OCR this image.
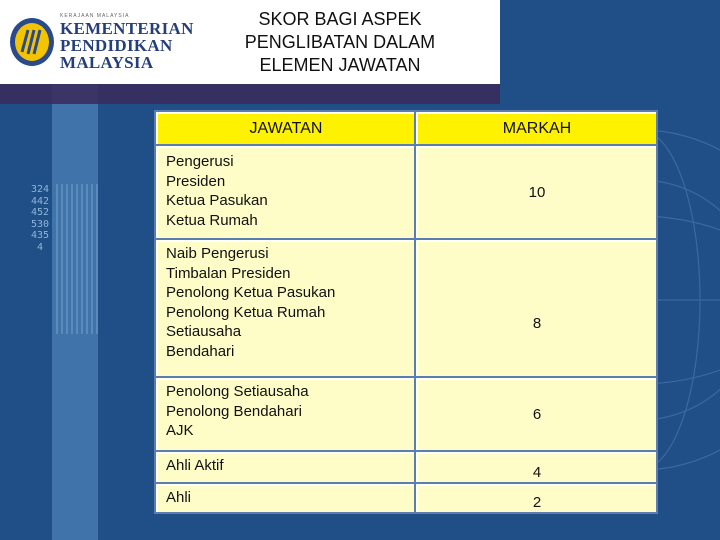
3244424525304354
KERAJAAN MALAYSIA
KEMENTERIAN
PENDIDIKAN
MALAYSIA
SKOR BAGI ASPEK
PENGLIBATAN DALAM
ELEMEN JAWATAN
JAWATAN	MARKAH
Pengerusi
Presiden
Ketua Pasukan
Ketua Rumah
10
Naib Pengerusi
Timbalan Presiden
Penolong Ketua Pasukan
Penolong Ketua Rumah
Setiausaha
Bendahari
8
Penolong Setiausaha
Penolong Bendahari
AJK
6
Ahli Aktif	4
Ahli	2
